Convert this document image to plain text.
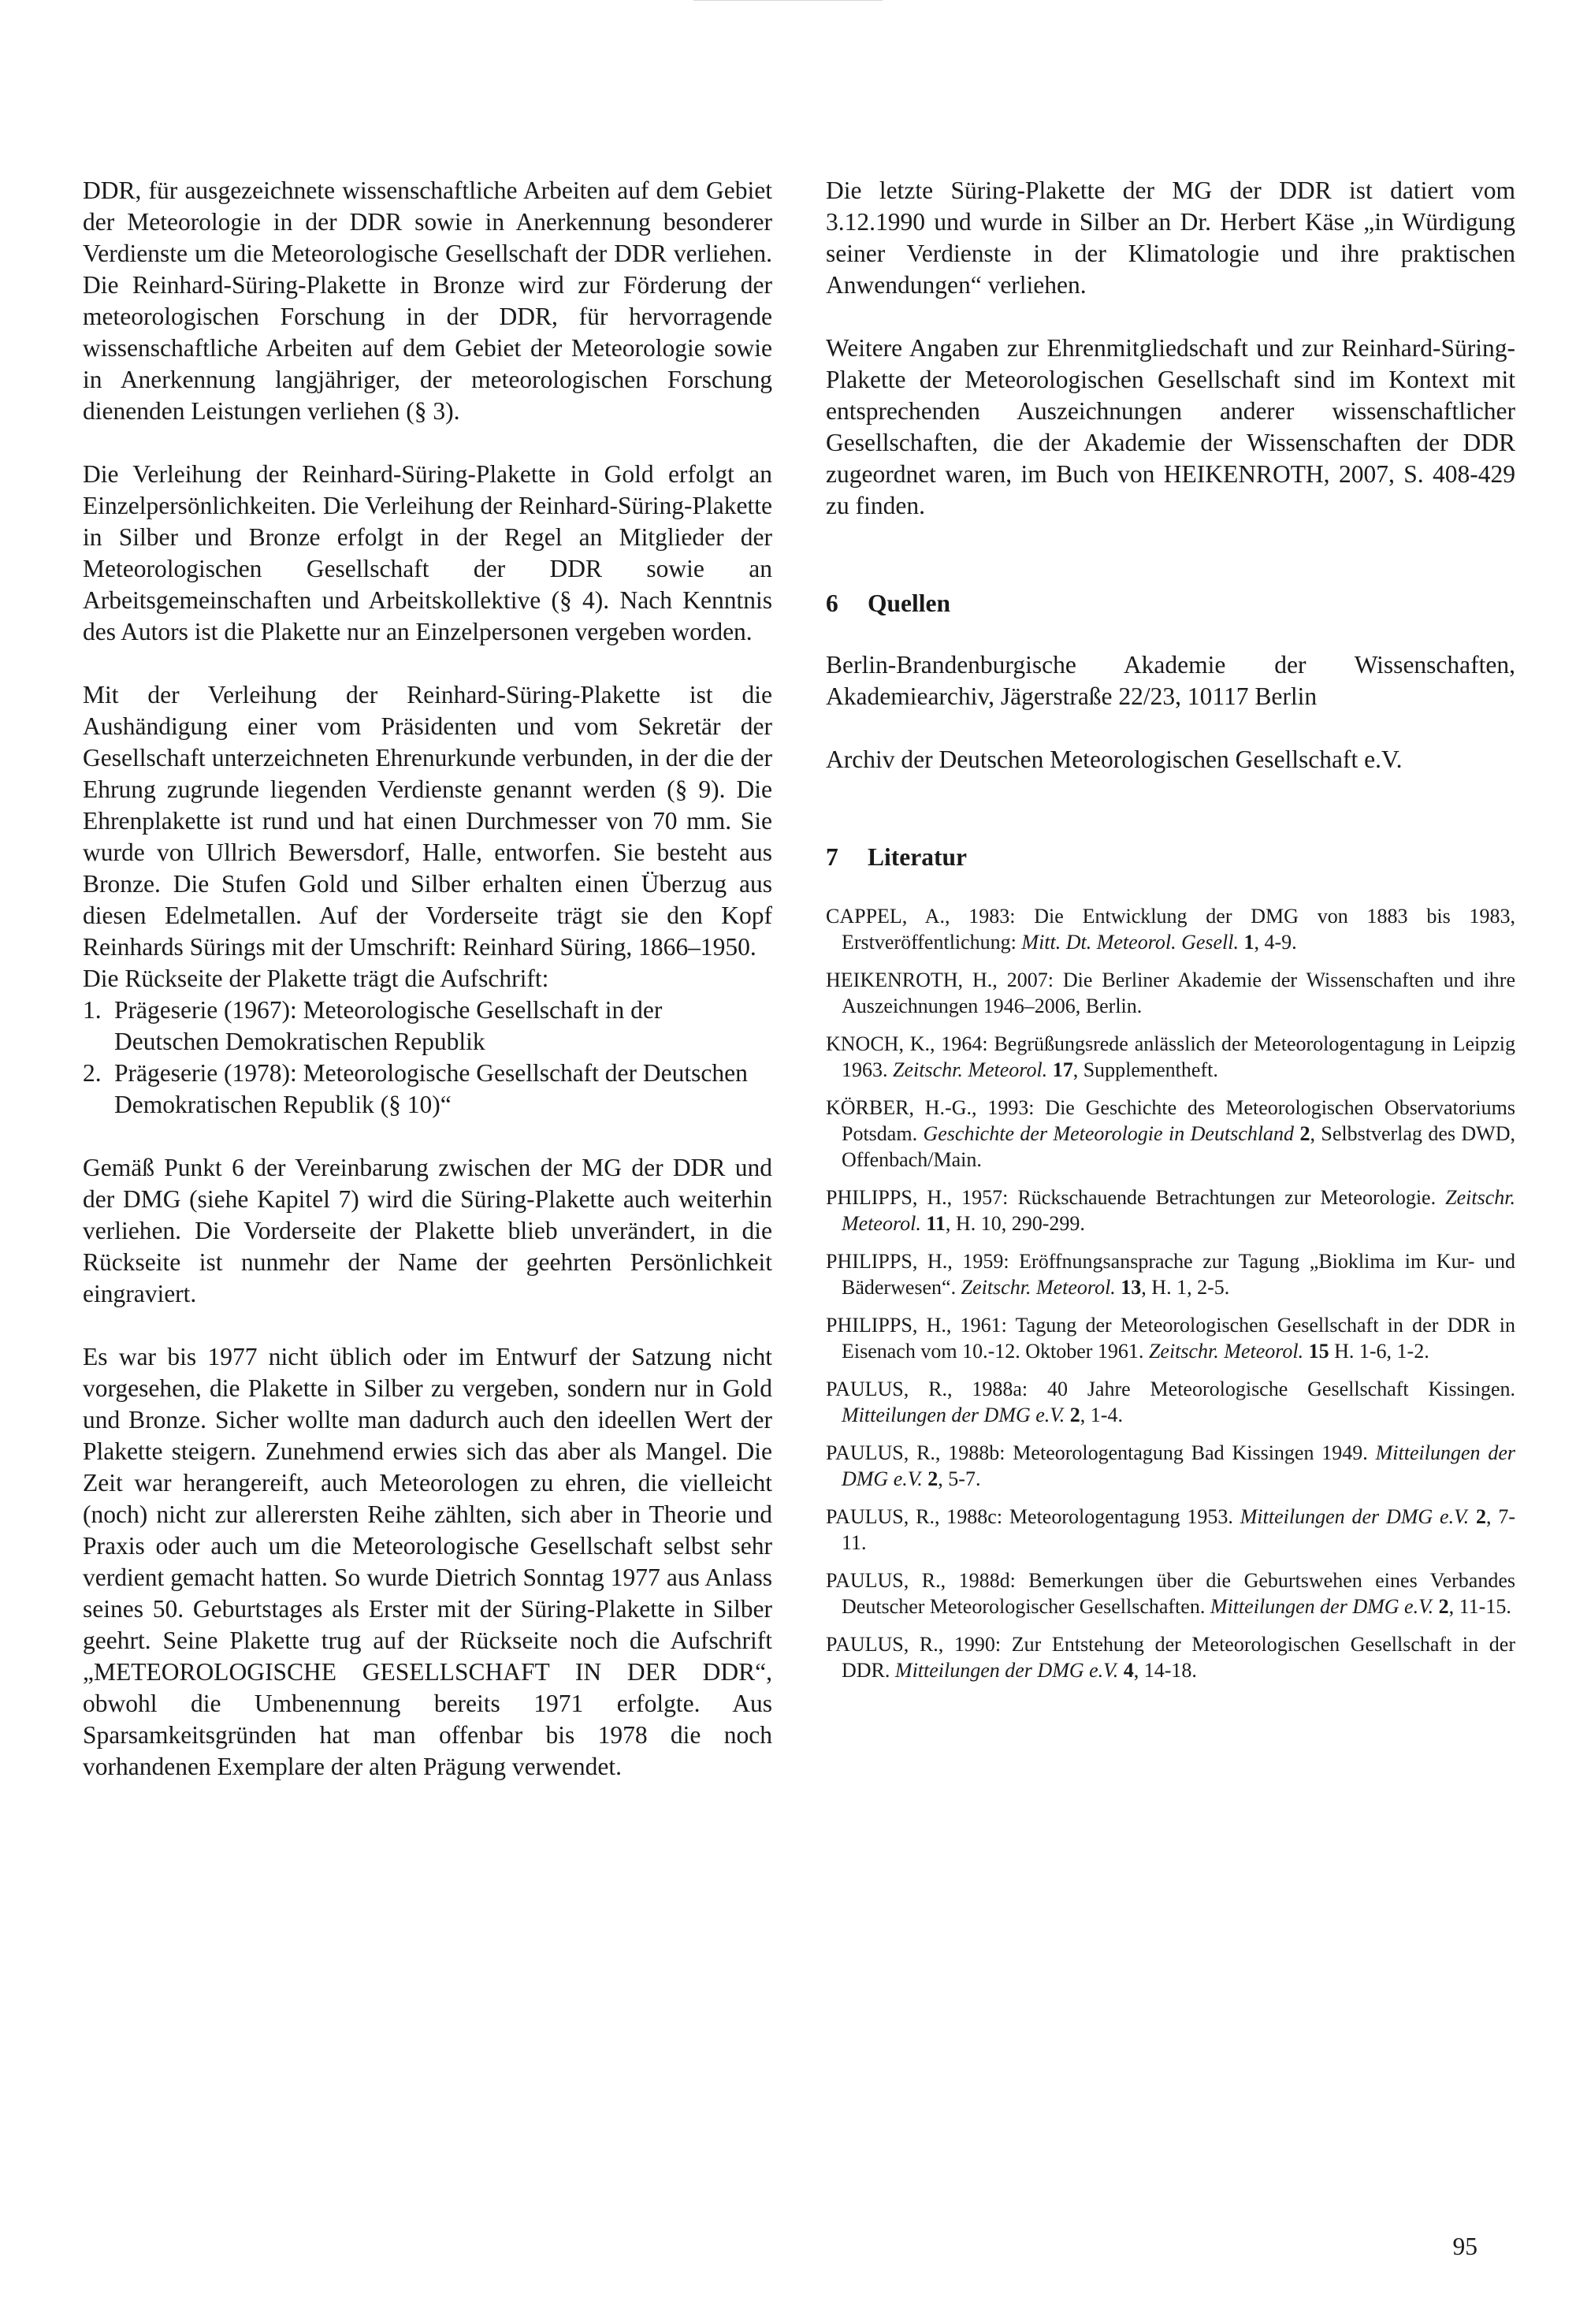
DDR, für ausgezeichnete wissenschaftliche Arbeiten auf dem Gebiet der Meteorologie in der DDR sowie in Anerkennung besonderer Verdienste um die Meteorologische Gesellschaft der DDR verliehen. Die Reinhard-Süring-Plakette in Bronze wird zur Förderung der meteorologischen Forschung in der DDR, für hervorragende wissenschaftliche Arbeiten auf dem Gebiet der Meteorologie sowie in Anerkennung langjähriger, der meteorologischen Forschung dienenden Leistungen verliehen (§ 3).

Die Verleihung der Reinhard-Süring-Plakette in Gold erfolgt an Einzelpersönlichkeiten. Die Verleihung der Reinhard-Süring-Plakette in Silber und Bronze erfolgt in der Regel an Mitglieder der Meteorologischen Gesellschaft der DDR sowie an Arbeitsgemeinschaften und Arbeitskollektive (§ 4). Nach Kenntnis des Autors ist die Plakette nur an Einzelpersonen vergeben worden.

Mit der Verleihung der Reinhard-Süring-Plakette ist die Aushändigung einer vom Präsidenten und vom Sekretär der Gesellschaft unterzeichneten Ehrenurkunde verbunden, in der die der Ehrung zugrunde liegenden Verdienste genannt werden (§ 9). Die Ehrenplakette ist rund und hat einen Durchmesser von 70 mm. Sie wurde von Ullrich Bewersdorf, Halle, entworfen. Sie besteht aus Bronze. Die Stufen Gold und Silber erhalten einen Überzug aus diesen Edelmetallen. Auf der Vorderseite trägt sie den Kopf Reinhards Sürings mit der Umschrift: Reinhard Süring, 1866–1950.

Die Rückseite der Plakette trägt die Aufschrift:

1. Prägeserie (1967): Meteorologische Gesellschaft in der Deutschen Demokratischen Republik
2. Prägeserie (1978): Meteorologische Gesellschaft der Deutschen Demokratischen Republik (§ 10)“

Gemäß Punkt 6 der Vereinbarung zwischen der MG der DDR und der DMG (siehe Kapitel 7) wird die Süring-Plakette auch weiterhin verliehen. Die Vorderseite der Plakette blieb unverändert, in die Rückseite ist nunmehr der Name der geehrten Persönlichkeit eingraviert.

Es war bis 1977 nicht üblich oder im Entwurf der Satzung nicht vorgesehen, die Plakette in Silber zu vergeben, sondern nur in Gold und Bronze. Sicher wollte man dadurch auch den ideellen Wert der Plakette steigern. Zunehmend erwies sich das aber als Mangel. Die Zeit war herangereift, auch Meteorologen zu ehren, die vielleicht (noch) nicht zur allerersten Reihe zählten, sich aber in Theorie und Praxis oder auch um die Meteorologische Gesellschaft selbst sehr verdient gemacht hatten. So wurde Dietrich Sonntag 1977 aus Anlass seines 50. Geburtstages als Erster mit der Süring-Plakette in Silber geehrt. Seine Plakette trug auf der Rückseite noch die Aufschrift „METEOROLOGISCHE GESELLSCHAFT IN DER DDR“, obwohl die Umbenennung bereits 1971 erfolgte. Aus Sparsamkeitsgründen hat man offenbar bis 1978 die noch vorhandenen Exemplare der alten Prägung verwendet.

Die letzte Süring-Plakette der MG der DDR ist datiert vom 3.12.1990 und wurde in Silber an Dr. Herbert Käse „in Würdigung seiner Verdienste in der Klimatologie und ihre praktischen Anwendungen“ verliehen.

Weitere Angaben zur Ehrenmitgliedschaft und zur Reinhard-Süring-Plakette der Meteorologischen Gesellschaft sind im Kontext mit entsprechenden Auszeichnungen anderer wissenschaftlicher Gesellschaften, die der Akademie der Wissenschaften der DDR zugeordnet waren, im Buch von HEIKENROTH, 2007, S. 408-429 zu finden.

6	Quellen

Berlin-Brandenburgische Akademie der Wissenschaften, Akademiearchiv, Jägerstraße 22/23, 10117 Berlin

Archiv der Deutschen Meteorologischen Gesellschaft e.V.

7	Literatur
CAPPEL, A., 1983: Die Entwicklung der DMG von 1883 bis 1983, Erstveröffentlichung: Mitt. Dt. Meteorol. Gesell. 1, 4-9.
HEIKENROTH, H., 2007: Die Berliner Akademie der Wissenschaften und ihre Auszeichnungen 1946–2006, Berlin.
KNOCH, K., 1964: Begrüßungsrede anlässlich der Meteorologentagung in Leipzig 1963. Zeitschr. Meteorol. 17, Supplementheft.
KÖRBER, H.-G., 1993: Die Geschichte des Meteorologischen Observatoriums Potsdam. Geschichte der Meteorologie in Deutschland 2, Selbstverlag des DWD, Offenbach/Main.
PHILIPPS, H., 1957: Rückschauende Betrachtungen zur Meteorologie. Zeitschr. Meteorol. 11, H. 10, 290-299.
PHILIPPS, H., 1959: Eröffnungsansprache zur Tagung „Bioklima im Kur- und Bäderwesen“. Zeitschr. Meteorol. 13, H. 1, 2-5.
PHILIPPS, H., 1961: Tagung der Meteorologischen Gesellschaft in der DDR in Eisenach vom 10.-12. Oktober 1961. Zeitschr. Meteorol. 15 H. 1-6, 1-2.
PAULUS, R., 1988a: 40 Jahre Meteorologische Gesellschaft Kissingen. Mitteilungen der DMG e.V. 2, 1-4.
PAULUS, R., 1988b: Meteorologentagung Bad Kissingen 1949. Mitteilungen der DMG e.V. 2, 5-7.
PAULUS, R., 1988c: Meteorologentagung 1953. Mitteilungen der DMG e.V. 2, 7-11.
PAULUS, R., 1988d: Bemerkungen über die Geburtswehen eines Verbandes Deutscher Meteorologischer Gesellschaften. Mitteilungen der DMG e.V. 2, 11-15.
PAULUS, R., 1990: Zur Entstehung der Meteorologischen Gesellschaft in der DDR. Mitteilungen der DMG e.V. 4, 14-18.
95
